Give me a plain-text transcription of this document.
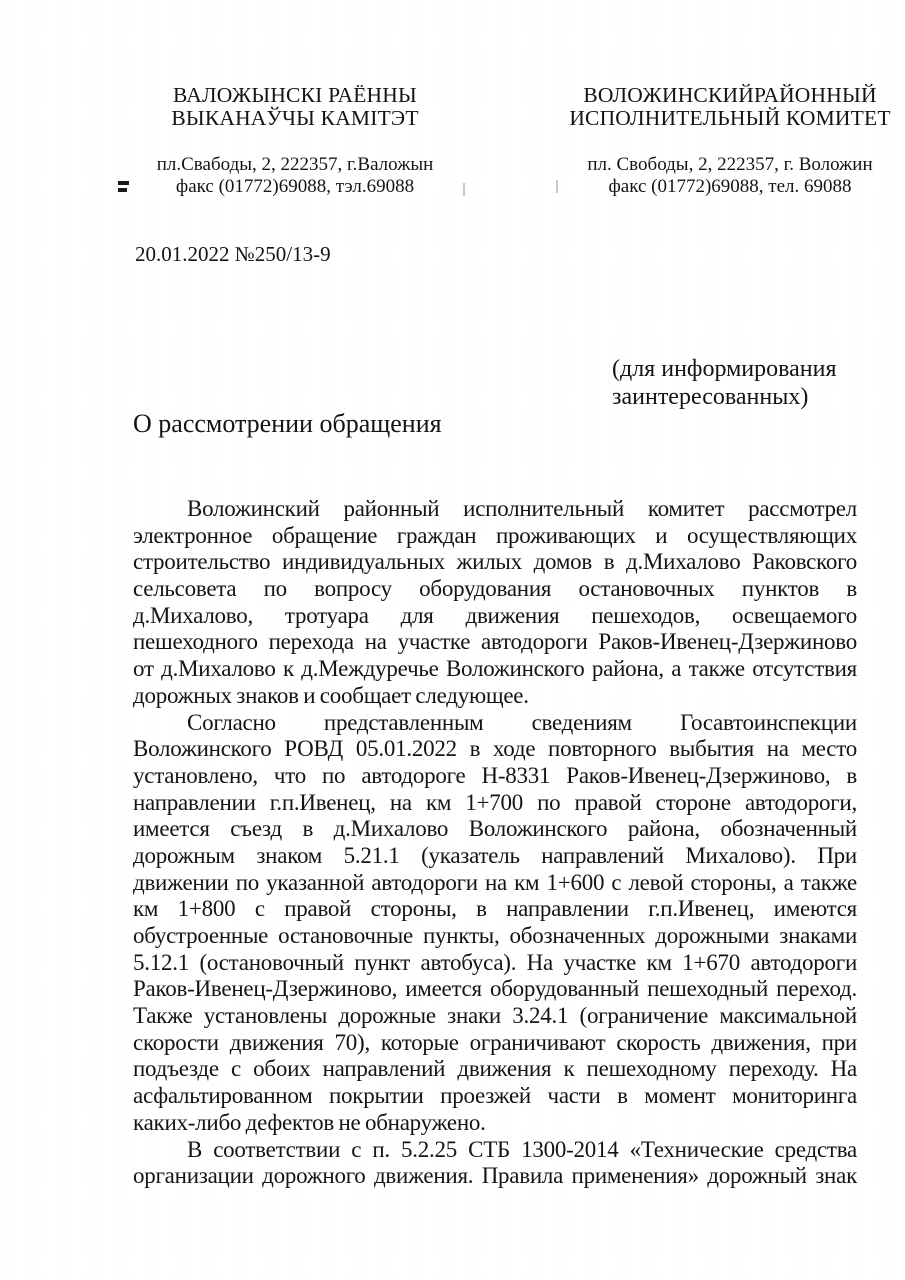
ВАЛОЖЫНСКІ РАЁННЫ
ВЫКАНАЎЧЫ КАМІТЭТ
пл.Свабоды, 2, 222357, г.Валожын
факс (01772)69088, тэл.69088
ВОЛОЖИНСКИЙРАЙОННЫЙ
ИСПОЛНИТЕЛЬНЫЙ КОМИТЕТ
пл. Свободы, 2, 222357, г. Воложин
факс (01772)69088, тел. 69088
20.01.2022 №250/13-9
(для информирования
заинтересованных)
О рассмотрении обращения
Воложинский районный исполнительный комитет рассмотрел
электронное обращение граждан проживающих и осуществляющих
строительство индивидуальных жилых домов в д.Михалово Раковского
сельсовета по вопросу оборудования остановочных пунктов в
д.Михалово, тротуара для движения пешеходов, освещаемого
пешеходного перехода на участке автодороги Раков-Ивенец-Дзержиново
от д.Михалово к д.Междуречье Воложинского района, а также отсутствия
дорожных знаков и сообщает следующее.
Согласно представленным сведениям Госавтоинспекции
Воложинского РОВД 05.01.2022 в ходе повторного выбытия на место
установлено, что по автодороге Н-8331 Раков-Ивенец-Дзержиново, в
направлении г.п.Ивенец, на км 1+700 по правой стороне автодороги,
имеется съезд в д.Михалово Воложинского района, обозначенный
дорожным знаком 5.21.1 (указатель направлений Михалово). При
движении по указанной автодороги на км 1+600 с левой стороны, а также
км 1+800 с правой стороны, в направлении г.п.Ивенец, имеются
обустроенные остановочные пункты, обозначенных дорожными знаками
5.12.1 (остановочный пункт автобуса). На участке км 1+670 автодороги
Раков-Ивенец-Дзержиново, имеется оборудованный пешеходный переход.
Также установлены дорожные знаки 3.24.1 (ограничение максимальной
скорости движения 70), которые ограничивают скорость движения, при
подъезде с обоих направлений движения к пешеходному переходу. На
асфальтированном покрытии проезжей части в момент мониторинга
каких-либо дефектов не обнаружено.
В соответствии с п. 5.2.25 СТБ 1300-2014 «Технические средства
организации дорожного движения. Правила применения» дорожный знак
